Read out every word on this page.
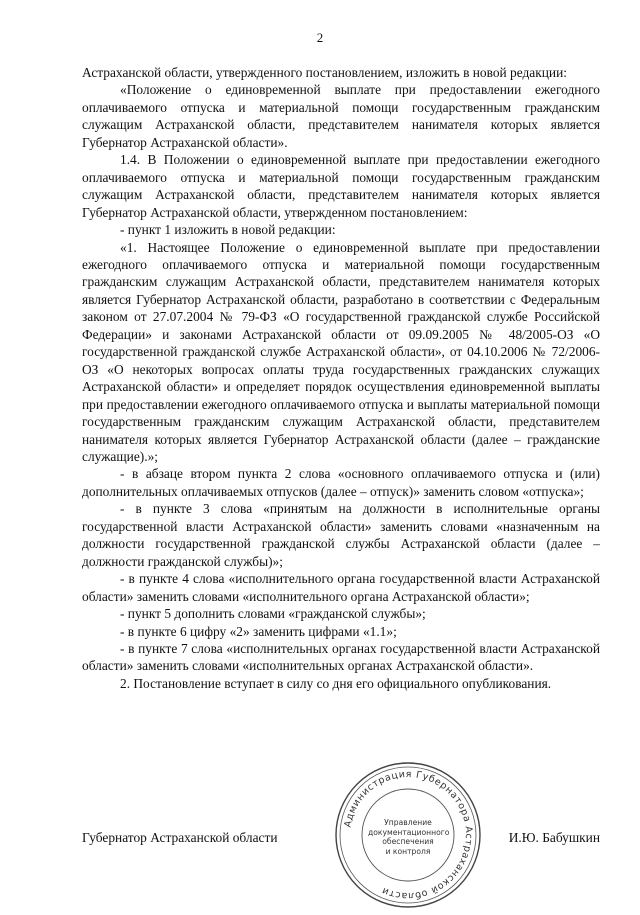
2

Астраханской области, утвержденного постановлением, изложить в новой редакции:

«Положение о единовременной выплате при предоставлении ежегодного оплачиваемого отпуска и материальной помощи государственным гражданским служащим Астраханской области, представителем нанимателя которых является Губернатор Астраханской области».

1.4. В Положении о единовременной выплате при предоставлении ежегодного оплачиваемого отпуска и материальной помощи государственным гражданским служащим Астраханской области, представителем нанимателя которых является Губернатор Астраханской области, утвержденном постановлением:

- пункт 1 изложить в новой редакции:

«1. Настоящее Положение о единовременной выплате при предоставлении ежегодного оплачиваемого отпуска и материальной помощи государственным гражданским служащим Астраханской области, представителем нанимателя которых является Губернатор Астраханской области, разработано в соответствии с Федеральным законом от 27.07.2004 № 79-ФЗ «О государственной гражданской службе Российской Федерации» и законами Астраханской области от 09.09.2005 № 48/2005-ОЗ «О государственной гражданской службе Астраханской области», от 04.10.2006 № 72/2006-ОЗ «О некоторых вопросах оплаты труда государственных гражданских служащих Астраханской области» и определяет порядок осуществления единовременной выплаты при предоставлении ежегодного оплачиваемого отпуска и выплаты материальной помощи государственным гражданским служащим Астраханской области, представителем нанимателя которых является Губернатор Астраханской области (далее – гражданские служащие).»;

- в абзаце втором пункта 2 слова «основного оплачиваемого отпуска и (или) дополнительных оплачиваемых отпусков (далее – отпуск)» заменить словом «отпуска»;

- в пункте 3 слова «принятым на должности в исполнительные органы государственной власти Астраханской области» заменить словами «назначенным на должности государственной гражданской службы Астраханской области (далее – должности гражданской службы)»;

- в пункте 4 слова «исполнительного органа государственной власти Астраханской области» заменить словами «исполнительного органа Астраханской области»;

- пункт 5 дополнить словами «гражданской службы»;

- в пункте 6 цифру «2» заменить цифрами «1.1»;

- в пункте 7 слова «исполнительных органах государственной власти Астраханской области» заменить словами «исполнительных органах Астраханской области».

2. Постановление вступает в силу со дня его официального опубликования.

Губернатор Астраханской области	И.Ю. Бабушкин
Администрация Губернатора Астраханской области
Управление
документационного
обеспечения
и контроля
